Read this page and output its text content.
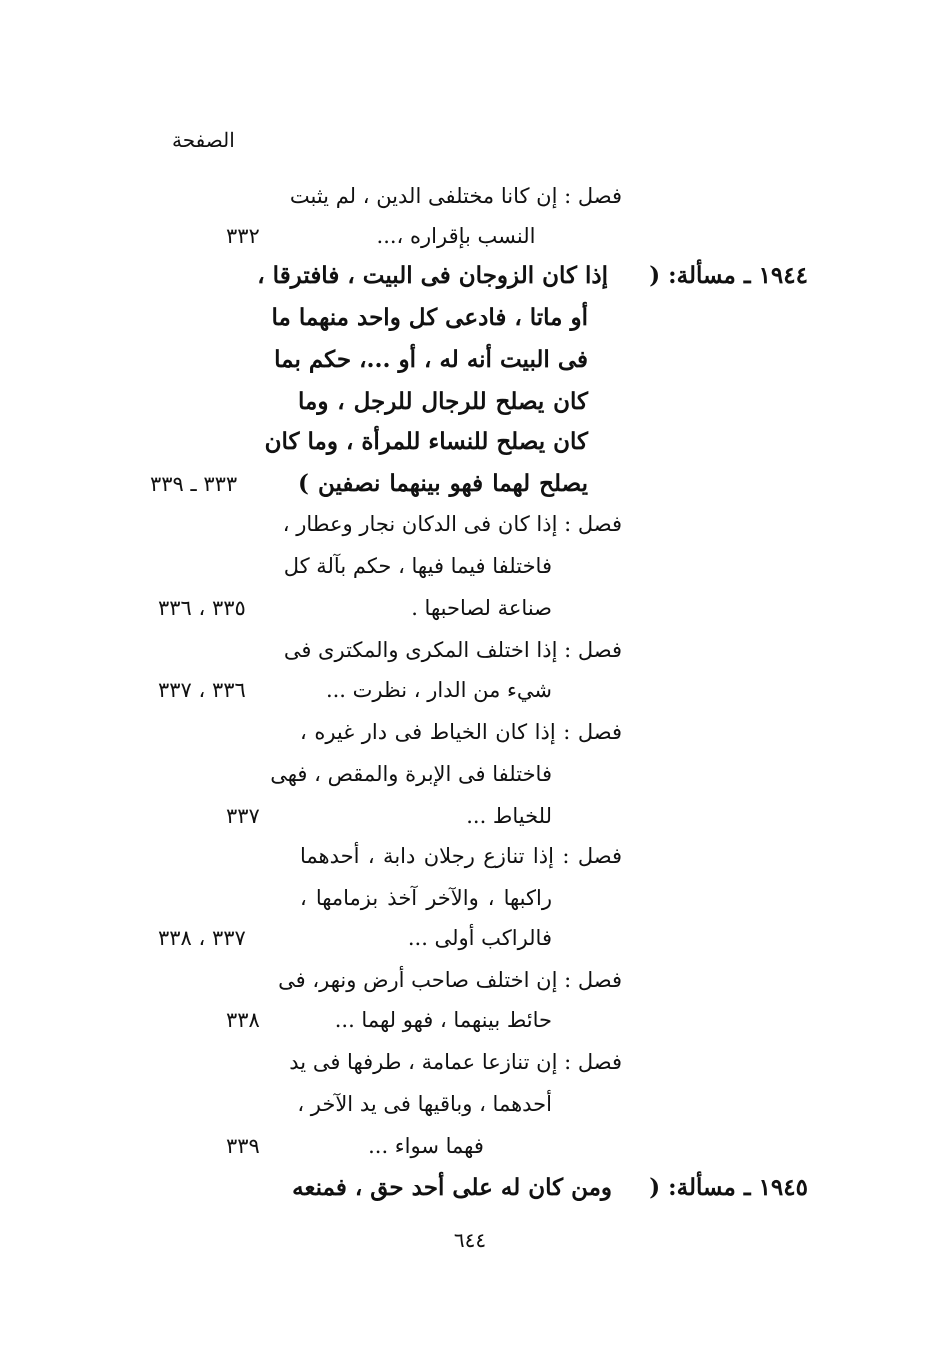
الصفحة
فصل : إن كانا مختلفى الدين ، لم يثبت
النسب بإقراره ،...
٣٣٢
١٩٤٤ ـ مسألة: (
إذا كان الزوجان فى البيت ، فافترقا ،
أو ماتا ، فادعى كل واحد منهما ما
فى البيت أنه له ، أو ...، حكم بما
كان يصلح للرجال للرجل ، وما
كان يصلح للنساء للمرأة ، وما كان
يصلح لهما فهو بينهما نصفين )
٣٣٣ ـ ٣٣٩
فصل : إذا كان فى الدكان نجار وعطار ،
فاختلفا فيما فيها ، حكم بآلة كل
صناعة لصاحبها .
٣٣٥ ، ٣٣٦
فصل : إذا اختلف المكرى والمكترى فى
شيء من الدار ، نظرت ...
٣٣٦ ، ٣٣٧
فصل : إذا كان الخياط فى دار غيره ،
فاختلفا فى الإبرة والمقص ، فهى
للخياط ...
٣٣٧
فصل : إذا تنازع رجلان دابة ، أحدهما
راكبها ، والآخر آخذ بزمامها ،
فالراكب أولى ...
٣٣٧ ، ٣٣٨
فصل : إن اختلف صاحب أرض ونهر، فى
حائط بينهما ، فهو لهما ...
٣٣٨
فصل : إن تنازعا عمامة ، طرفها فى يد
أحدهما ، وباقيها فى يد الآخر ،
فهما سواء ...
٣٣٩
١٩٤٥ ـ مسألة: (
ومن كان له على أحد حق ، فمنعه
٦٤٤
